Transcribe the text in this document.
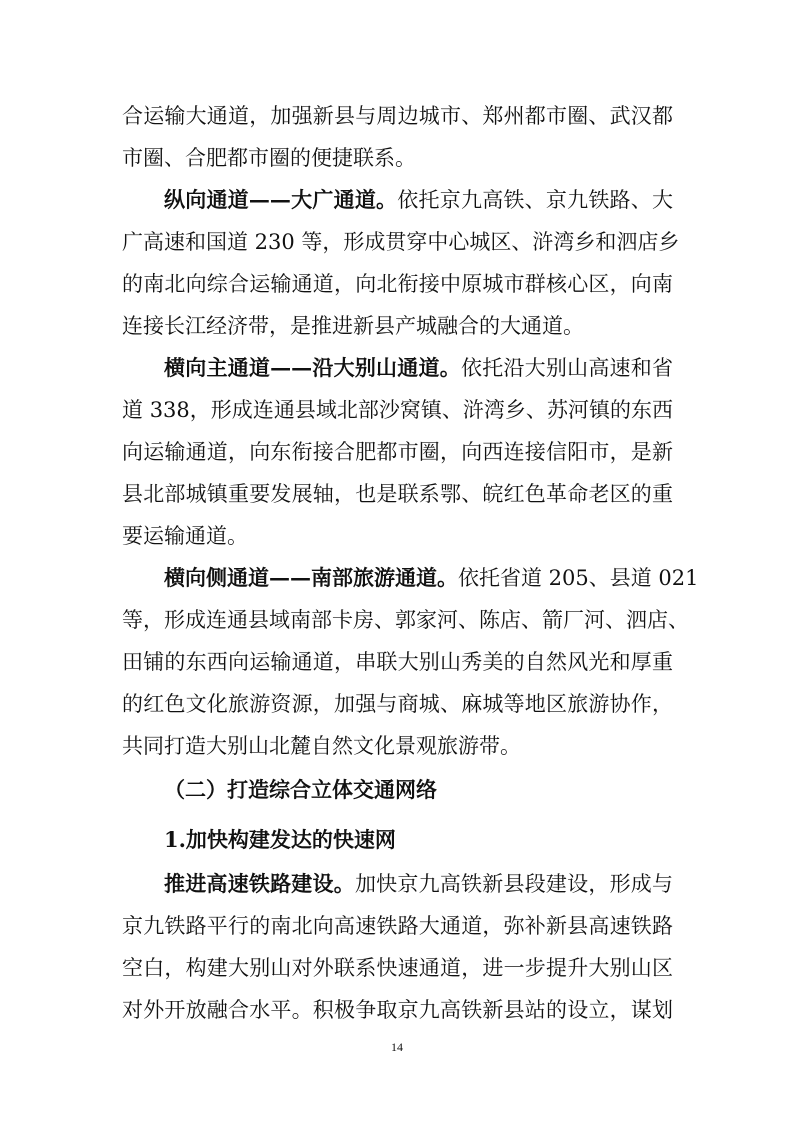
合运输大通道，加强新县与周边城市、郑州都市圈、武汉都
市圈、合肥都市圈的便捷联系。
纵向通道——大广通道。依托京九高铁、京九铁路、大
广高速和国道 230 等，形成贯穿中心城区、浒湾乡和泗店乡
的南北向综合运输通道，向北衔接中原城市群核心区，向南
连接长江经济带，是推进新县产城融合的大通道。
横向主通道——沿大别山通道。依托沿大别山高速和省
道 338，形成连通县域北部沙窝镇、浒湾乡、苏河镇的东西
向运输通道，向东衔接合肥都市圈，向西连接信阳市，是新
县北部城镇重要发展轴，也是联系鄂、皖红色革命老区的重
要运输通道。
横向侧通道——南部旅游通道。依托省道 205、县道 021
等，形成连通县域南部卡房、郭家河、陈店、箭厂河、泗店、
田铺的东西向运输通道，串联大别山秀美的自然风光和厚重
的红色文化旅游资源，加强与商城、麻城等地区旅游协作，
共同打造大别山北麓自然文化景观旅游带。
（二）打造综合立体交通网络
1.加快构建发达的快速网
推进高速铁路建设。加快京九高铁新县段建设，形成与
京九铁路平行的南北向高速铁路大通道，弥补新县高速铁路
空白，构建大别山对外联系快速通道，进一步提升大别山区
对外开放融合水平。积极争取京九高铁新县站的设立，谋划
14
